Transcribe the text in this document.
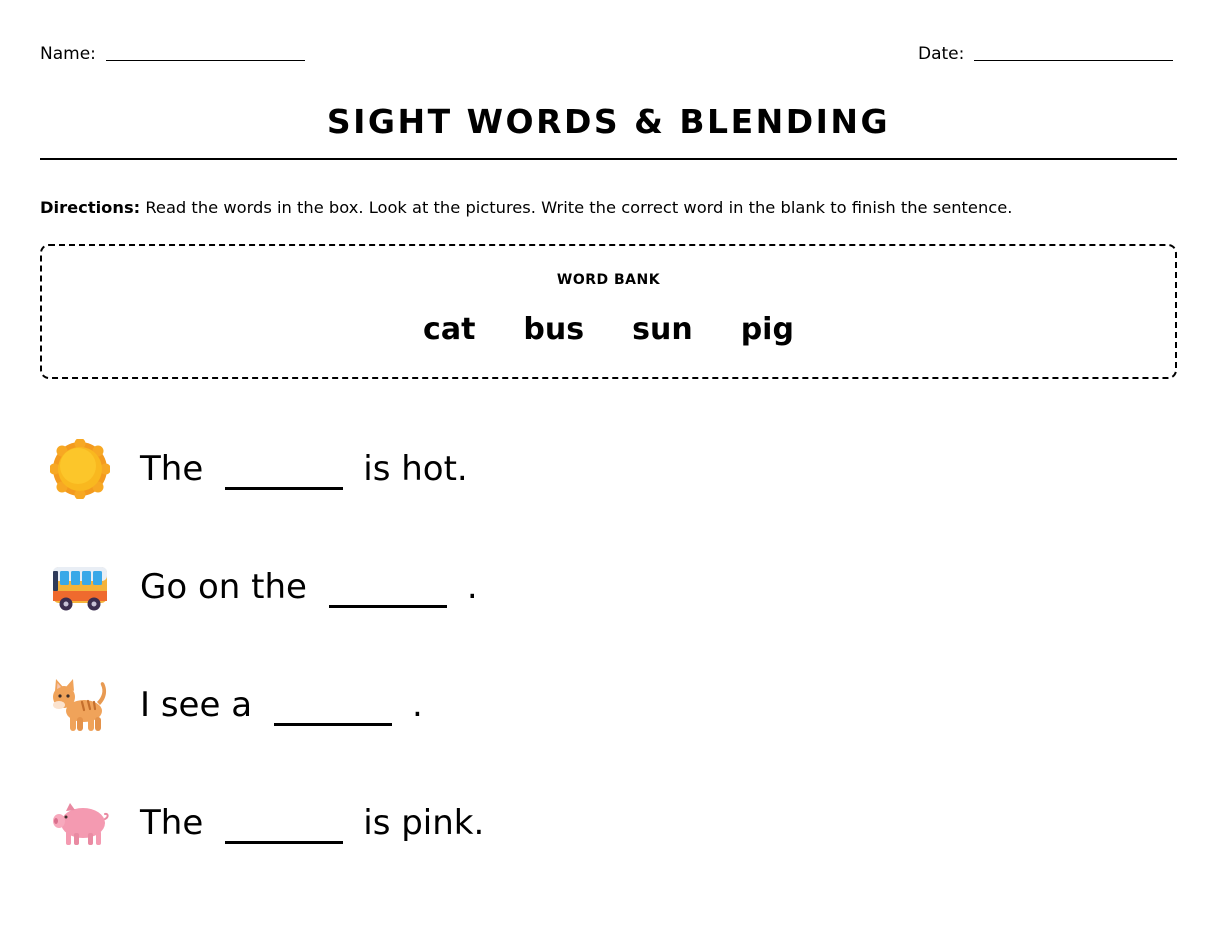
Name:	Date:
SIGHT WORDS & BLENDING
Directions: Read the words in the box. Look at the pictures. Write the correct word in the blank to finish the sentence.
WORD BANK
cat bus sun pig
The	is hot.
Go on the	.
I see a	.
The	is pink.
